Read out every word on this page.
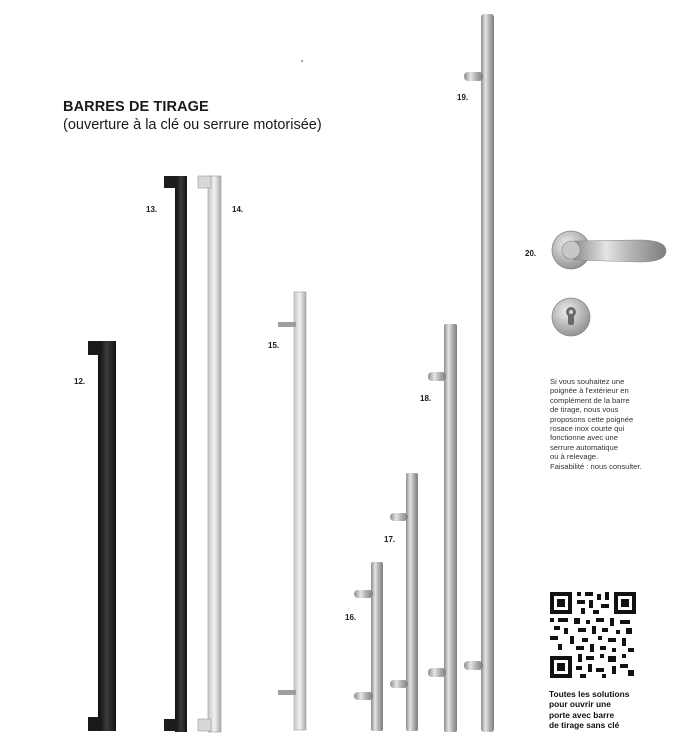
BARRES DE TIRAGE
(ouverture à la clé ou serrure motorisée)
12.
13.	14.
15.
16.
17.
18.
19.
20.
Si vous souhaitez une
poignée à l'extérieur en
complément de la barre
de tirage, nous vous
proposons cette poignée
rosace inox courte qui
fonctionne avec une
serrure automatique
ou à relevage.
Faisabilité : nous consulter.
Toutes les solutions
pour ouvrir une
porte avec barre
de tirage sans clé
